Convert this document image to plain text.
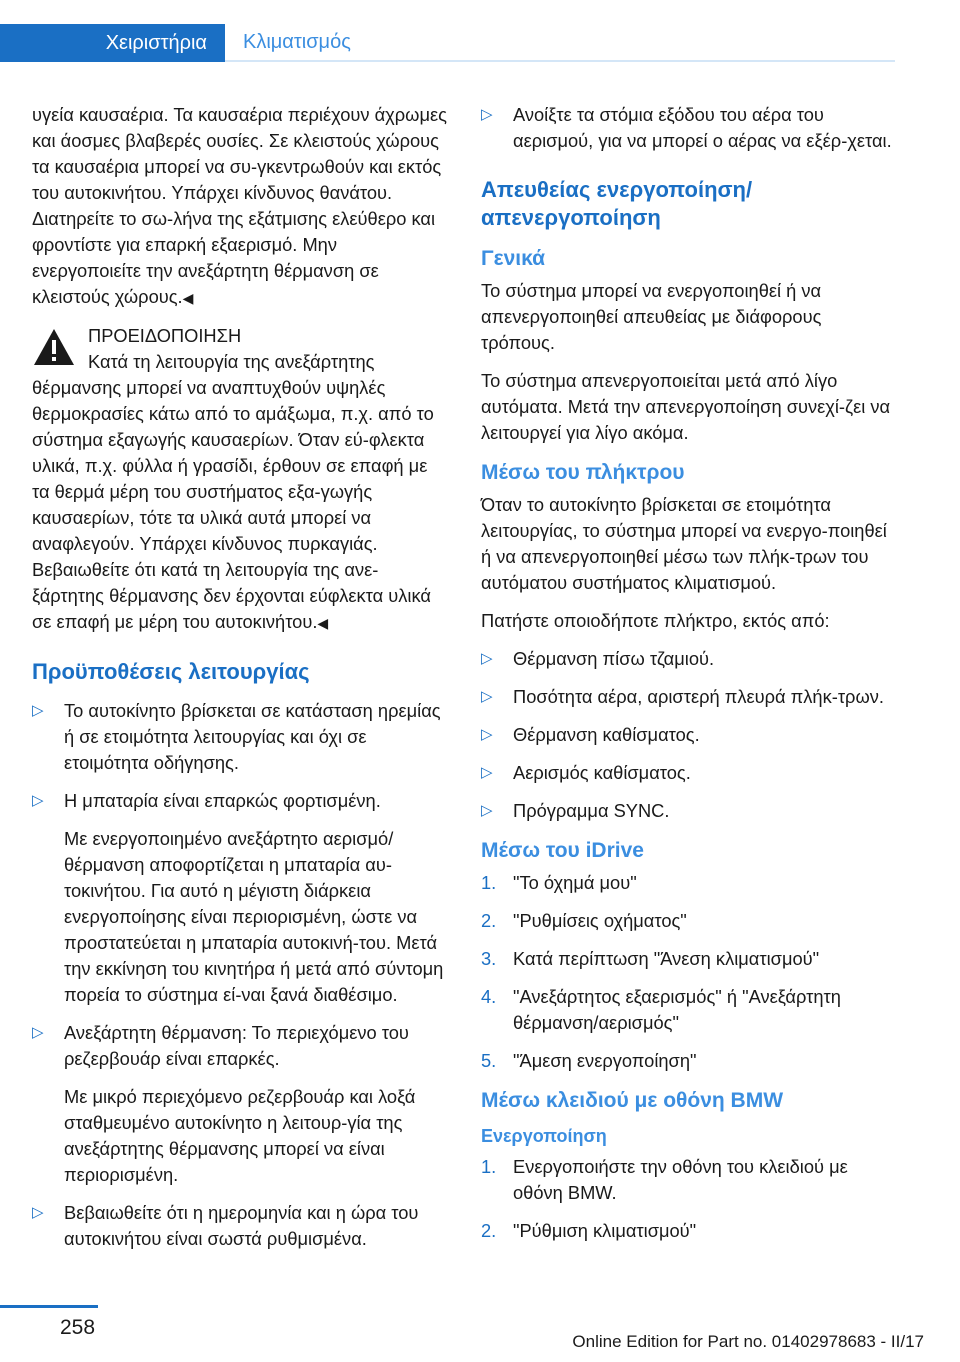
Χειριστήρια	Κλιματισμός

υγεία καυσαέρια. Τα καυσαέρια περιέχουν άχρωμες και άοσμες βλαβερές ουσίες. Σε κλειστούς χώρους τα καυσαέρια μπορεί να συ‐γκεντρωθούν και εκτός του αυτοκινήτου. Υπάρχει κίνδυνος θανάτου. Διατηρείτε το σω‐λήνα της εξάτμισης ελεύθερο και φροντίστε για επαρκή εξαερισμό. Μην ενεργοποιείτε την ανεξάρτητη θέρμανση σε κλειστούς χώρους.◀

ΠΡΟΕΙΔΟΠΟΙΗΣΗ
Κατά τη λειτουργία της ανεξάρτητης θέρμανσης μπορεί να αναπτυχθούν υψηλές θερμοκρασίες κάτω από το αμάξωμα, π.χ. από το σύστημα εξαγωγής καυσαερίων. Όταν εύ‐φλεκτα υλικά, π.χ. φύλλα ή γρασίδι, έρθουν σε επαφή με τα θερμά μέρη του συστήματος εξα‐γωγής καυσαερίων, τότε τα υλικά αυτά μπορεί να αναφλεγούν. Υπάρχει κίνδυνος πυρκαγιάς. Βεβαιωθείτε ότι κατά τη λειτουργία της ανε‐ξάρτητης θέρμανσης δεν έρχονται εύφλεκτα υλικά σε επαφή με μέρη του αυτοκινήτου.◀
Προϋποθέσεις λειτουργίας
▷	Το αυτοκίνητο βρίσκεται σε κατάσταση ηρεμίας ή σε ετοιμότητα λειτουργίας και όχι σε ετοιμότητα οδήγησης.
▷	Η μπαταρία είναι επαρκώς φορτισμένη.
Με ενεργοποιημένο ανεξάρτητο αερισμό/θέρμανση αποφορτίζεται η μπαταρία αυ‐τοκινήτου. Για αυτό η μέγιστη διάρκεια ενεργοποίησης είναι περιορισμένη, ώστε να προστατεύεται η μπαταρία αυτοκινή‐του. Μετά την εκκίνηση του κινητήρα ή μετά από σύντομη πορεία το σύστημα εί‐ναι ξανά διαθέσιμο.
▷	Ανεξάρτητη θέρμανση: Το περιεχόμενο του ρεζερβουάρ είναι επαρκές.
Με μικρό περιεχόμενο ρεζερβουάρ και λοξά σταθμευμένο αυτοκίνητο η λειτουρ‐γία της ανεξάρτητης θέρμανσης μπορεί να είναι περιορισμένη.
▷	Βεβαιωθείτε ότι η ημερομηνία και η ώρα του αυτοκινήτου είναι σωστά ρυθμισμένα.
▷	Ανοίξτε τα στόμια εξόδου του αέρα του αερισμού, για να μπορεί ο αέρας να εξέρ‐χεται.
Απευθείας ενεργοποίηση/απενεργοποίηση
Γενικά

Το σύστημα μπορεί να ενεργοποιηθεί ή να απενεργοποιηθεί απευθείας με διάφορους τρόπους.

Το σύστημα απενεργοποιείται μετά από λίγο αυτόματα. Μετά την απενεργοποίηση συνεχί‐ζει να λειτουργεί για λίγο ακόμα.

Μέσω του πλήκτρου

Όταν το αυτοκίνητο βρίσκεται σε ετοιμότητα λειτουργίας, το σύστημα μπορεί να ενεργο‐ποιηθεί ή να απενεργοποιηθεί μέσω των πλήκ‐τρων του αυτόματου συστήματος κλιματισμού.

Πατήστε οποιοδήποτε πλήκτρο, εκτός από:

▷	Θέρμανση πίσω τζαμιού.
▷	Ποσότητα αέρα, αριστερή πλευρά πλήκ‐τρων.
▷	Θέρμανση καθίσματος.
▷	Αερισμός καθίσματος.
▷	Πρόγραμμα SYNC.
Μέσω του iDrive
1. "Το όχημά μου"
2. "Ρυθμίσεις οχήματος"
3. Κατά περίπτωση "Άνεση κλιματισμού"
4. "Ανεξάρτητος εξαερισμός" ή "Ανεξάρτητη θέρμανση/αερισμός"
5. "Άμεση ενεργοποίηση"
Μέσω κλειδιού με οθόνη BMW
Ενεργοποίηση
1. Ενεργοποιήστε την οθόνη του κλειδιού με οθόνη BMW.
2. "Ρύθμιση κλιματισμού"
258
Online Edition for Part no. 01402978683 - II/17
